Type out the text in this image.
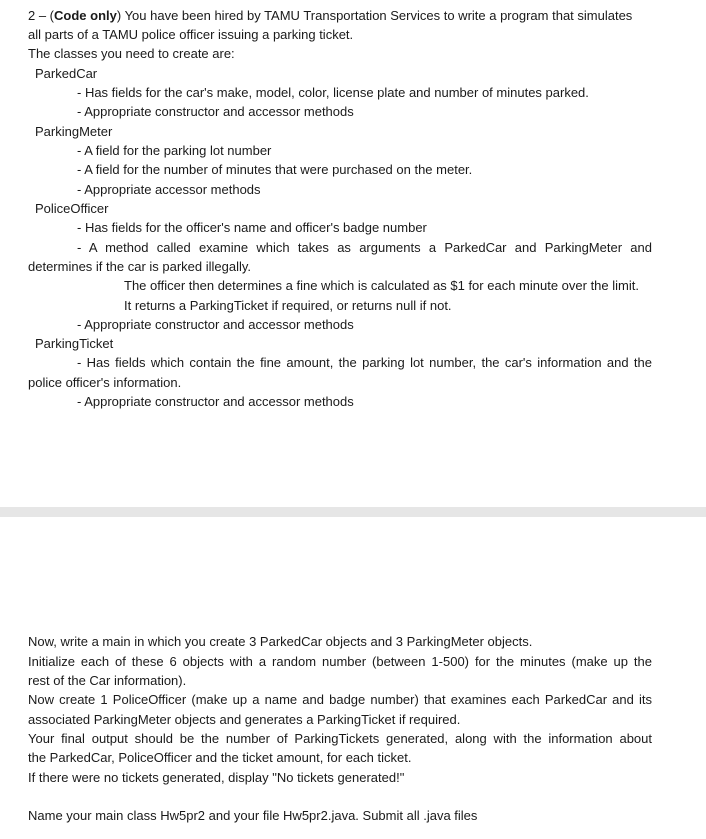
2 – (Code only) You have been hired by TAMU Transportation Services to write a program that simulates
all parts of a TAMU police officer issuing a parking ticket.
The classes you need to create are:
ParkedCar
- Has fields for the car's make, model, color, license plate and number of minutes parked.
- Appropriate constructor and accessor methods
ParkingMeter
- A field for the parking lot number
- A field for the number of minutes that were purchased on the meter.
- Appropriate accessor methods
PoliceOfficer
- Has fields for the officer's name and officer's badge number
- A method called examine which takes as arguments a ParkedCar and ParkingMeter and
determines if the car is parked illegally.
The officer then determines a fine which is calculated as $1 for each minute over the limit.
It returns a ParkingTicket if required, or returns null if not.
- Appropriate constructor and accessor methods
ParkingTicket
- Has fields which contain the fine amount, the parking lot number, the car's information and the
police officer's information.
- Appropriate constructor and accessor methods
Now, write a main in which you create 3 ParkedCar objects and 3 ParkingMeter objects.
Initialize each of these 6 objects with a random number (between 1-500) for the minutes (make up the
rest of the Car information).
Now create 1 PoliceOfficer (make up a name and badge number) that examines each ParkedCar and its
associated ParkingMeter objects and generates a ParkingTicket if required.
Your final output should be the number of ParkingTickets generated, along with the information about
the ParkedCar, PoliceOfficer and the ticket amount, for each ticket.
If there were no tickets generated, display "No tickets generated!"
Name your main class Hw5pr2 and your file Hw5pr2.java. Submit all .java files
